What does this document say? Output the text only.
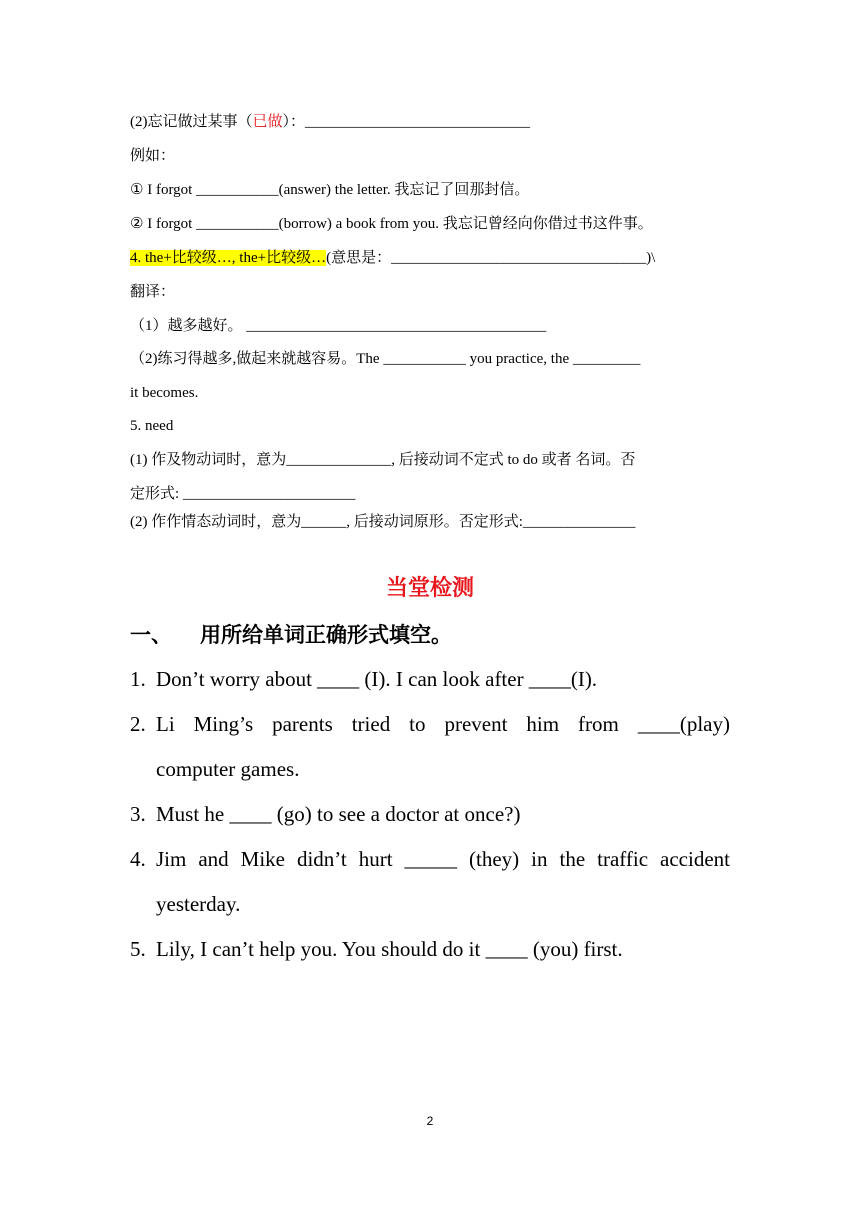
(2)忘记做过某事（已做）：______________________________
例如：
① I forgot ___________(answer) the letter. 我忘记了回那封信。
② I forgot ___________(borrow) a book from you. 我忘记曾经向你借过书这件事。
4. the+比较级…, the+比较级…(意思是：__________________________________)\
翻译：
（1）越多越好。 ________________________________________
（2)练习得越多,做起来就越容易。The ___________ you practice, the _________
it becomes.
5. need
(1) 作及物动词时，意为______________, 后接动词不定式 to do 或者 名词。否
定形式: _______________________
(2) 作作情态动词时，意为______, 后接动词原形。否定形式:_______________
当堂检测
一、 用所给单词正确形式填空。
1. Don’t worry about ____ (I). I can look after ____(I).
2. Li Ming’s parents tried to prevent him from ____(play)
computer games.
3. Must he ____ (go) to see a doctor at once?)
4. Jim and Mike didn’t hurt _____ (they) in the traffic accident
yesterday.
5. Lily, I can’t help you. You should do it ____ (you) first.
2
